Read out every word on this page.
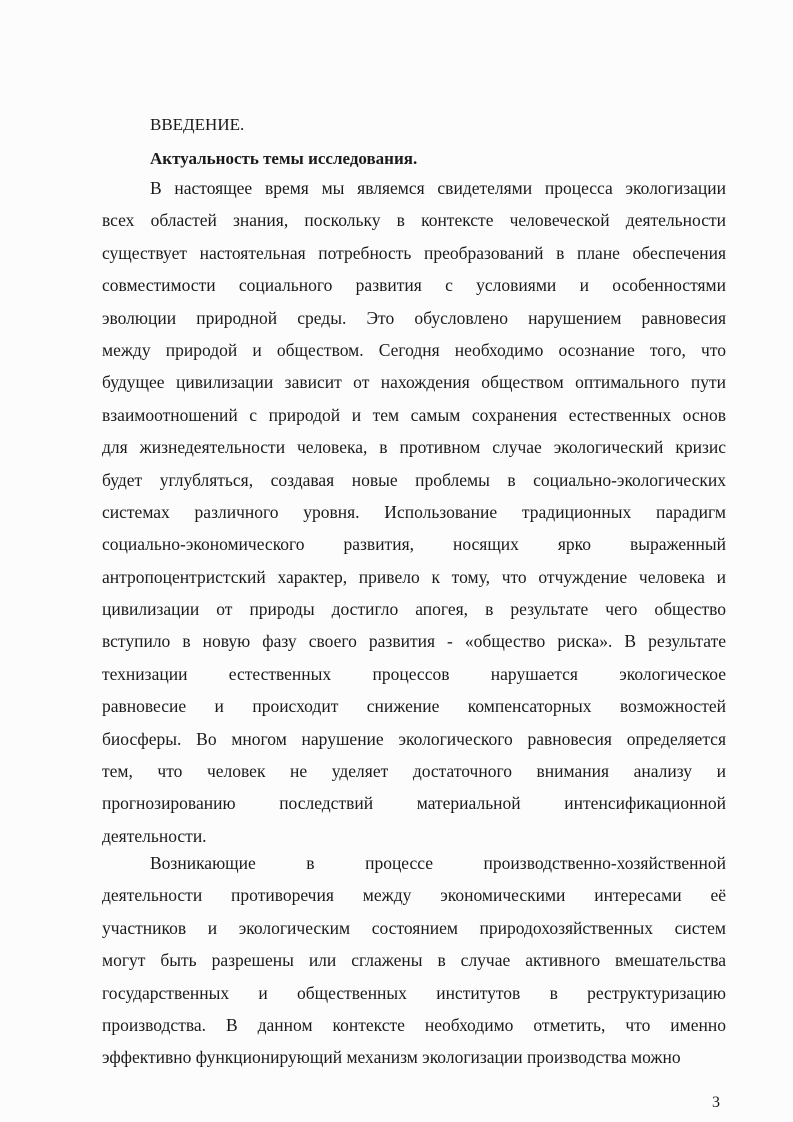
ВВЕДЕНИЕ.

Актуальность темы исследования.

В настоящее время мы являемся свидетелями процесса экологизации
всех областей знания, поскольку в контексте человеческой деятельности
существует настоятельная потребность преобразований в плане обеспечения
совместимости социального развития с условиями и особенностями
эволюции природной среды. Это обусловлено нарушением равновесия
между природой и обществом. Сегодня необходимо осознание того, что
будущее цивилизации зависит от нахождения обществом оптимального пути
взаимоотношений с природой и тем самым сохранения естественных основ
для жизнедеятельности человека, в противном случае экологический кризис
будет углубляться, создавая новые проблемы в социально-экологических
системах различного уровня. Использование традиционных парадигм
социально-экономического развития, носящих ярко выраженный
антропоцентристский характер, привело к тому, что отчуждение человека и
цивилизации от природы достигло апогея, в результате чего общество
вступило в новую фазу своего развития - «общество риска». В результате
технизации естественных процессов нарушается экологическое
равновесие и происходит снижение компенсаторных возможностей
биосферы. Во многом нарушение экологического равновесия определяется
тем, что человек не уделяет достаточного внимания анализу и
прогнозированию последствий материальной интенсификационной
деятельности.
Возникающие в процессе производственно-хозяйственной
деятельности противоречия между экономическими интересами её
участников и экологическим состоянием природохозяйственных систем
могут быть разрешены или сглажены в случае активного вмешательства
государственных и общественных институтов в реструктуризацию
производства. В данном контексте необходимо отметить, что именно
эффективно функционирующий механизм экологизации производства можно

3
